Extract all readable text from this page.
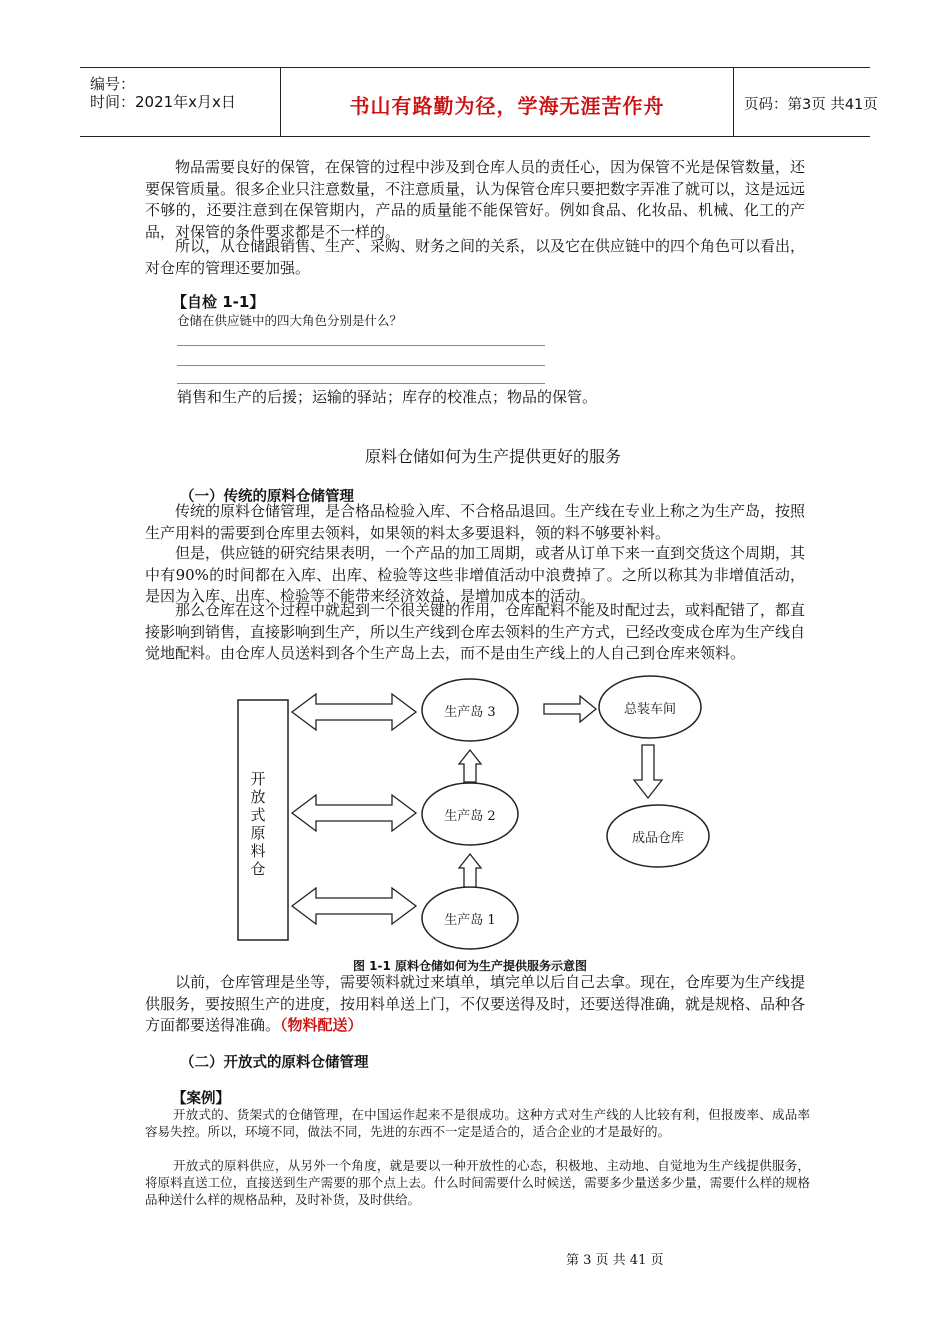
编号：
时间：2021年x月x日	书山有路勤为径，学海无涯苦作舟	页码：第3页 共41页
物品需要良好的保管，在保管的过程中涉及到仓库人员的责任心，因为保管不光是保管数量，还要保管质量。很多企业只注意数量，不注意质量，认为保管仓库只要把数字弄准了就可以，这是远远不够的，还要注意到在保管期内，产品的质量能不能保管好。例如食品、化妆品、机械、化工的产品，对保管的条件要求都是不一样的。
所以，从仓储跟销售、生产、采购、财务之间的关系，以及它在供应链中的四个角色可以看出，对仓库的管理还要加强。
【自检 1-1】
仓储在供应链中的四大角色分别是什么？
销售和生产的后援；运输的驿站；库存的校准点；物品的保管。
原料仓储如何为生产提供更好的服务
（一）传统的原料仓储管理
传统的原料仓储管理，是合格品检验入库、不合格品退回。生产线在专业上称之为生产岛，按照生产用料的需要到仓库里去领料，如果领的料太多要退料，领的料不够要补料。
但是，供应链的研究结果表明，一个产品的加工周期，或者从订单下来一直到交货这个周期，其中有90%的时间都在入库、出库、检验等这些非增值活动中浪费掉了。之所以称其为非增值活动，是因为入库、出库、检验等不能带来经济效益，是增加成本的活动。
那么仓库在这个过程中就起到一个很关键的作用，仓库配料不能及时配过去，或料配错了，都直接影响到销售，直接影响到生产，所以生产线到仓库去领料的生产方式，已经改变成仓库为生产线自觉地配料。由仓库人员送料到各个生产岛上去，而不是由生产线上的人自己到仓库来领料。
开放式原料仓
生产岛 3
生产岛 2
生产岛 1
总装车间
成品仓库
图 1-1 原料仓储如何为生产提供服务示意图
以前，仓库管理是坐等，需要领料就过来填单，填完单以后自己去拿。现在，仓库要为生产线提供服务，要按照生产的进度，按用料单送上门，不仅要送得及时，还要送得准确，就是规格、品种各方面都要送得准确。（物料配送）
（二）开放式的原料仓储管理
【案例】
开放式的、货架式的仓储管理，在中国运作起来不是很成功。这种方式对生产线的人比较有利，但报废率、成品率容易失控。所以，环境不同，做法不同，先进的东西不一定是适合的，适合企业的才是最好的。
开放式的原料供应，从另外一个角度，就是要以一种开放性的心态，积极地、主动地、自觉地为生产线提供服务，将原料直送工位，直接送到生产需要的那个点上去。什么时间需要什么时候送，需要多少量送多少量，需要什么样的规格品种送什么样的规格品种，及时补货，及时供给。
第 3 页 共 41 页
